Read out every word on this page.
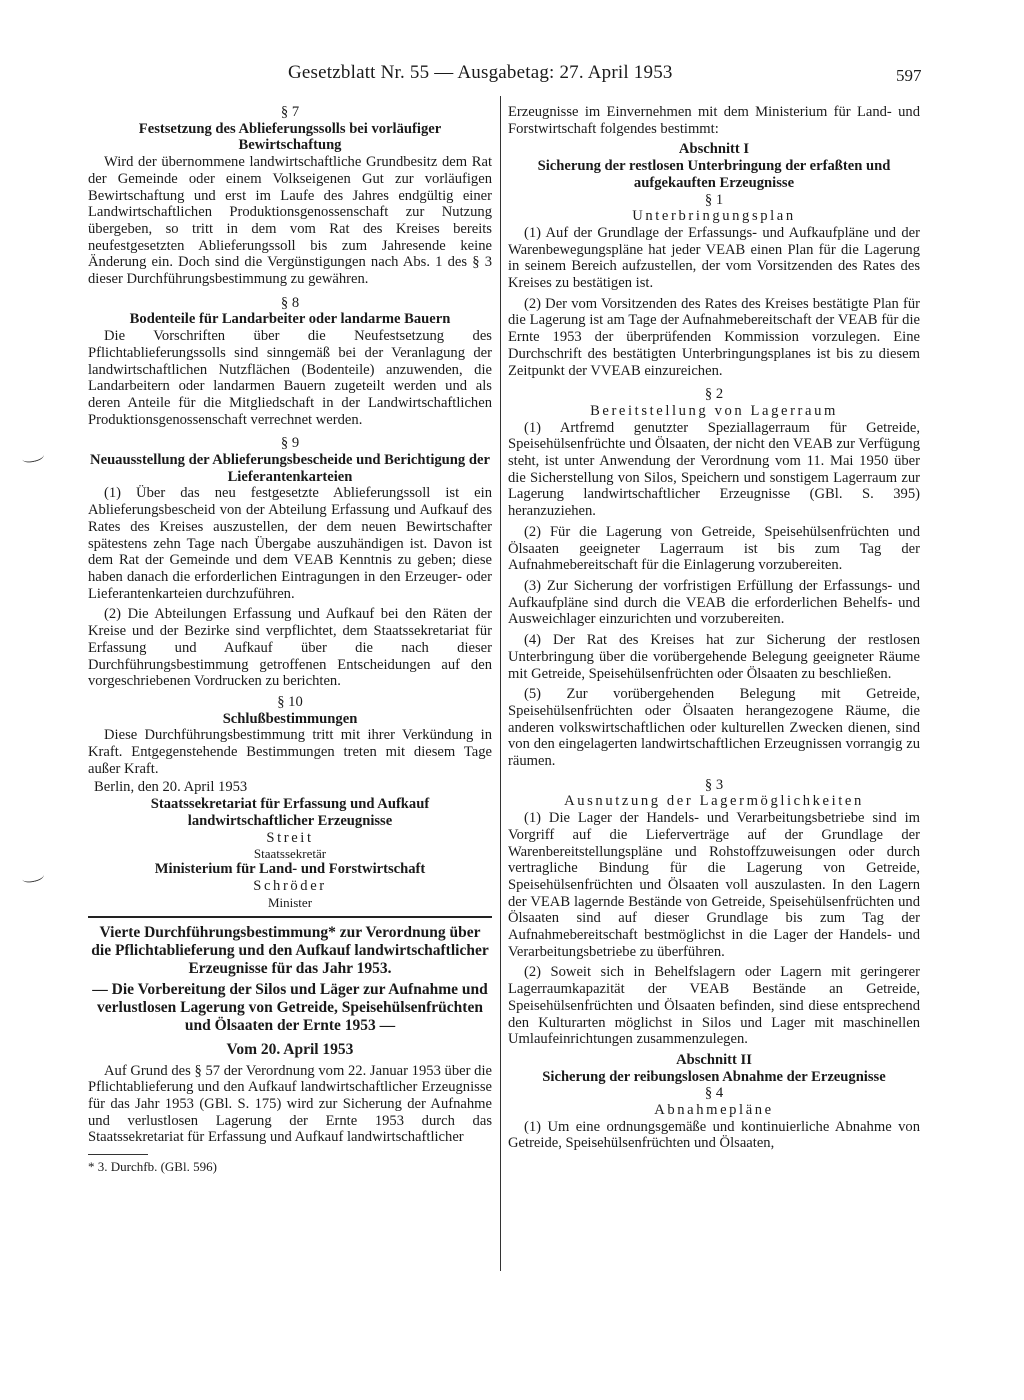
Gesetzblatt Nr. 55 — Ausgabetag: 27. April 1953	597
§ 7
Festsetzung des Ablieferungssolls bei vorläufiger Bewirtschaftung

Wird der übernommene landwirtschaftliche Grundbesitz dem Rat der Gemeinde oder einem Volkseigenen Gut zur vorläufigen Bewirtschaftung und erst im Laufe des Jahres endgültig einer Landwirtschaftlichen Produktionsgenossenschaft zur Nutzung übergeben, so tritt in dem vom Rat des Kreises bereits neufestgesetzten Ablieferungssoll bis zum Jahresende keine Änderung ein. Doch sind die Vergünstigungen nach Abs. 1 des § 3 dieser Durchführungsbestimmung zu gewähren.

§ 8
Bodenteile für Landarbeiter oder landarme Bauern

Die Vorschriften über die Neufestsetzung des Pflichtablieferungssolls sind sinngemäß bei der Veranlagung der landwirtschaftlichen Nutzflächen (Bodenteile) anzuwenden, die Landarbeitern oder landarmen Bauern zugeteilt werden und als deren Anteile für die Mitgliedschaft in der Landwirtschaftlichen Produktionsgenossenschaft verrechnet werden.

§ 9
Neuausstellung der Ablieferungsbescheide und Berichtigung der Lieferantenkarteien

(1) Über das neu festgesetzte Ablieferungssoll ist ein Ablieferungsbescheid von der Abteilung Erfassung und Aufkauf des Rates des Kreises auszustellen, der dem neuen Bewirtschafter spätestens zehn Tage nach Übergabe auszuhändigen ist. Davon ist dem Rat der Gemeinde und dem VEAB Kenntnis zu geben; diese haben danach die erforderlichen Eintragungen in den Erzeuger- oder Lieferantenkarteien durchzuführen.

(2) Die Abteilungen Erfassung und Aufkauf bei den Räten der Kreise und der Bezirke sind verpflichtet, dem Staatssekretariat für Erfassung und Aufkauf über die nach dieser Durchführungsbestimmung getroffenen Entscheidungen auf den vorgeschriebenen Vordrucken zu berichten.

§ 10
Schlußbestimmungen

Diese Durchführungsbestimmung tritt mit ihrer Verkündung in Kraft. Entgegenstehende Bestimmungen treten mit diesem Tage außer Kraft.

Berlin, den 20. April 1953
Staatssekretariat für Erfassung und Aufkauf landwirtschaftlicher Erzeugnisse
Streit
Staatssekretär
Ministerium für Land- und Forstwirtschaft
Schröder
Minister
Vierte Durchführungsbestimmung* zur Verordnung über die Pflichtablieferung und den Aufkauf landwirtschaftlicher Erzeugnisse für das Jahr 1953.
— Die Vorbereitung der Silos und Läger zur Aufnahme und verlustlosen Lagerung von Getreide, Speisehülsenfrüchten und Ölsaaten der Ernte 1953 —
Vom 20. April 1953

Auf Grund des § 57 der Verordnung vom 22. Januar 1953 über die Pflichtablieferung und den Aufkauf landwirtschaftlicher Erzeugnisse für das Jahr 1953 (GBl. S. 175) wird zur Sicherung der Aufnahme und verlustlosen Lagerung der Ernte 1953 durch das Staatssekretariat für Erfassung und Aufkauf landwirtschaftlicher

* 3. Durchfb. (GBl. 596)

Erzeugnisse im Einvernehmen mit dem Ministerium für Land- und Forstwirtschaft folgendes bestimmt:

Abschnitt I
Sicherung der restlosen Unterbringung der erfaßten und aufgekauften Erzeugnisse
§ 1
Unterbringungsplan

(1) Auf der Grundlage der Erfassungs- und Aufkaufpläne und der Warenbewegungspläne hat jeder VEAB einen Plan für die Lagerung in seinem Bereich aufzustellen, der vom Vorsitzenden des Rates des Kreises zu bestätigen ist.

(2) Der vom Vorsitzenden des Rates des Kreises bestätigte Plan für die Lagerung ist am Tage der Aufnahmebereitschaft der VEAB für die Ernte 1953 der überprüfenden Kommission vorzulegen. Eine Durchschrift des bestätigten Unterbringungsplanes ist bis zu diesem Zeitpunkt der VVEAB einzureichen.

§ 2
Bereitstellung von Lagerraum

(1) Artfremd genutzter Speziallagerraum für Getreide, Speisehülsenfrüchte und Ölsaaten, der nicht den VEAB zur Verfügung steht, ist unter Anwendung der Verordnung vom 11. Mai 1950 über die Sicherstellung von Silos, Speichern und sonstigem Lagerraum zur Lagerung landwirtschaftlicher Erzeugnisse (GBl. S. 395) heranzuziehen.

(2) Für die Lagerung von Getreide, Speisehülsenfrüchten und Ölsaaten geeigneter Lagerraum ist bis zum Tag der Aufnahmebereitschaft für die Einlagerung vorzubereiten.

(3) Zur Sicherung der vorfristigen Erfüllung der Erfassungs- und Aufkaufpläne sind durch die VEAB die erforderlichen Behelfs- und Ausweichlager einzurichten und vorzubereiten.

(4) Der Rat des Kreises hat zur Sicherung der restlosen Unterbringung über die vorübergehende Belegung geeigneter Räume mit Getreide, Speisehülsenfrüchten oder Ölsaaten zu beschließen.

(5) Zur vorübergehenden Belegung mit Getreide, Speisehülsenfrüchten oder Ölsaaten herangezogene Räume, die anderen volkswirtschaftlichen oder kulturellen Zwecken dienen, sind von den eingelagerten landwirtschaftlichen Erzeugnissen vorrangig zu räumen.

§ 3
Ausnutzung der Lagermöglichkeiten

(1) Die Lager der Handels- und Verarbeitungsbetriebe sind im Vorgriff auf die Lieferverträge auf der Grundlage der Warenbereitstellungspläne und Rohstoffzuweisungen oder durch vertragliche Bindung für die Lagerung von Getreide, Speisehülsenfrüchten und Ölsaaten voll auszulasten. In den Lagern der VEAB lagernde Bestände von Getreide, Speisehülsenfrüchten und Ölsaaten sind auf dieser Grundlage bis zum Tag der Aufnahmebereitschaft bestmöglichst in die Lager der Handels- und Verarbeitungsbetriebe zu überführen.

(2) Soweit sich in Behelfslagern oder Lagern mit geringerer Lagerraumkapazität der VEAB Bestände an Getreide, Speisehülsenfrüchten und Ölsaaten befinden, sind diese entsprechend den Kulturarten möglichst in Silos und Lager mit maschinellen Umlaufeinrichtungen zusammenzulegen.

Abschnitt II
Sicherung der reibungslosen Abnahme der Erzeugnisse
§ 4
Abnahmepläne

(1) Um eine ordnungsgemäße und kontinuierliche Abnahme von Getreide, Speisehülsenfrüchten und Ölsaaten,
